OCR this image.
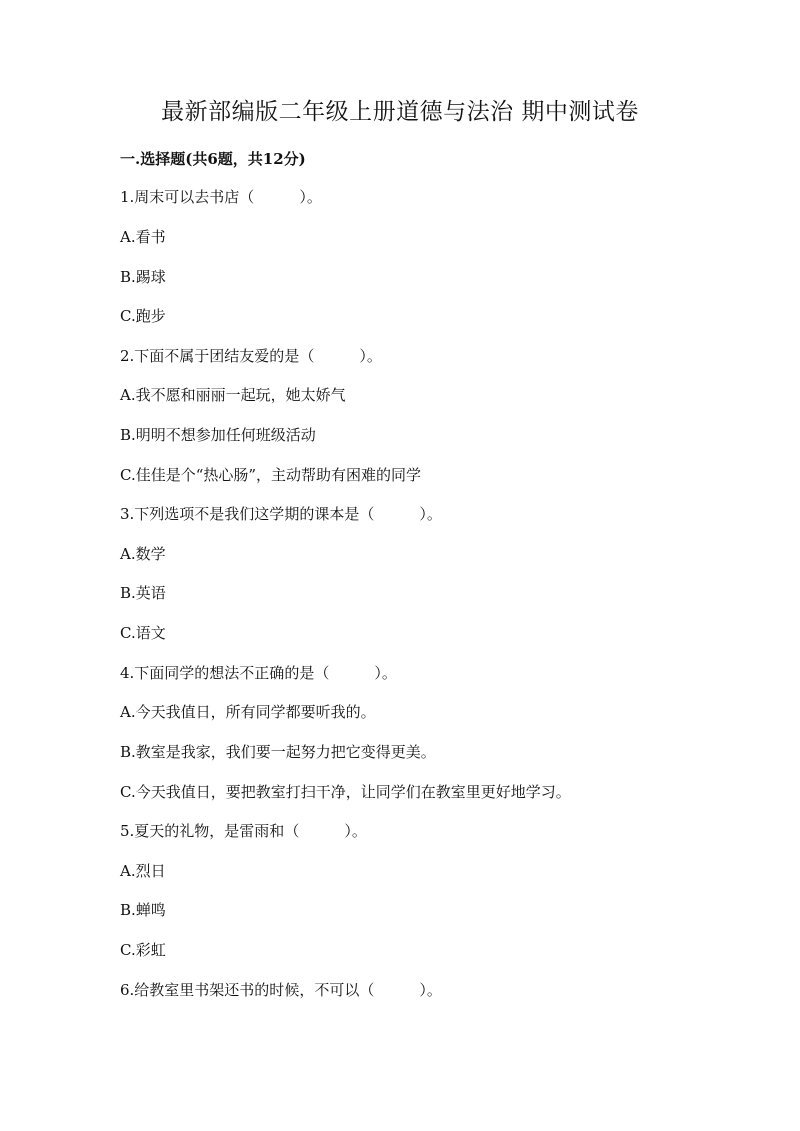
最新部编版二年级上册道德与法治 期中测试卷
一.选择题(共6题，共12分)
1.周末可以去书店（　　　）。
A.看书
B.踢球
C.跑步
2.下面不属于团结友爱的是（　　　）。
A.我不愿和丽丽一起玩，她太娇气
B.明明不想参加任何班级活动
C.佳佳是个“热心肠”，主动帮助有困难的同学
3.下列选项不是我们这学期的课本是（　　　）。
A.数学
B.英语
C.语文
4.下面同学的想法不正确的是（　　　）。
A.今天我值日，所有同学都要听我的。
B.教室是我家，我们要一起努力把它变得更美。
C.今天我值日，要把教室打扫干净，让同学们在教室里更好地学习。
5.夏天的礼物，是雷雨和（　　　）。
A.烈日
B.蝉鸣
C.彩虹
6.给教室里书架还书的时候，不可以（　　　）。
